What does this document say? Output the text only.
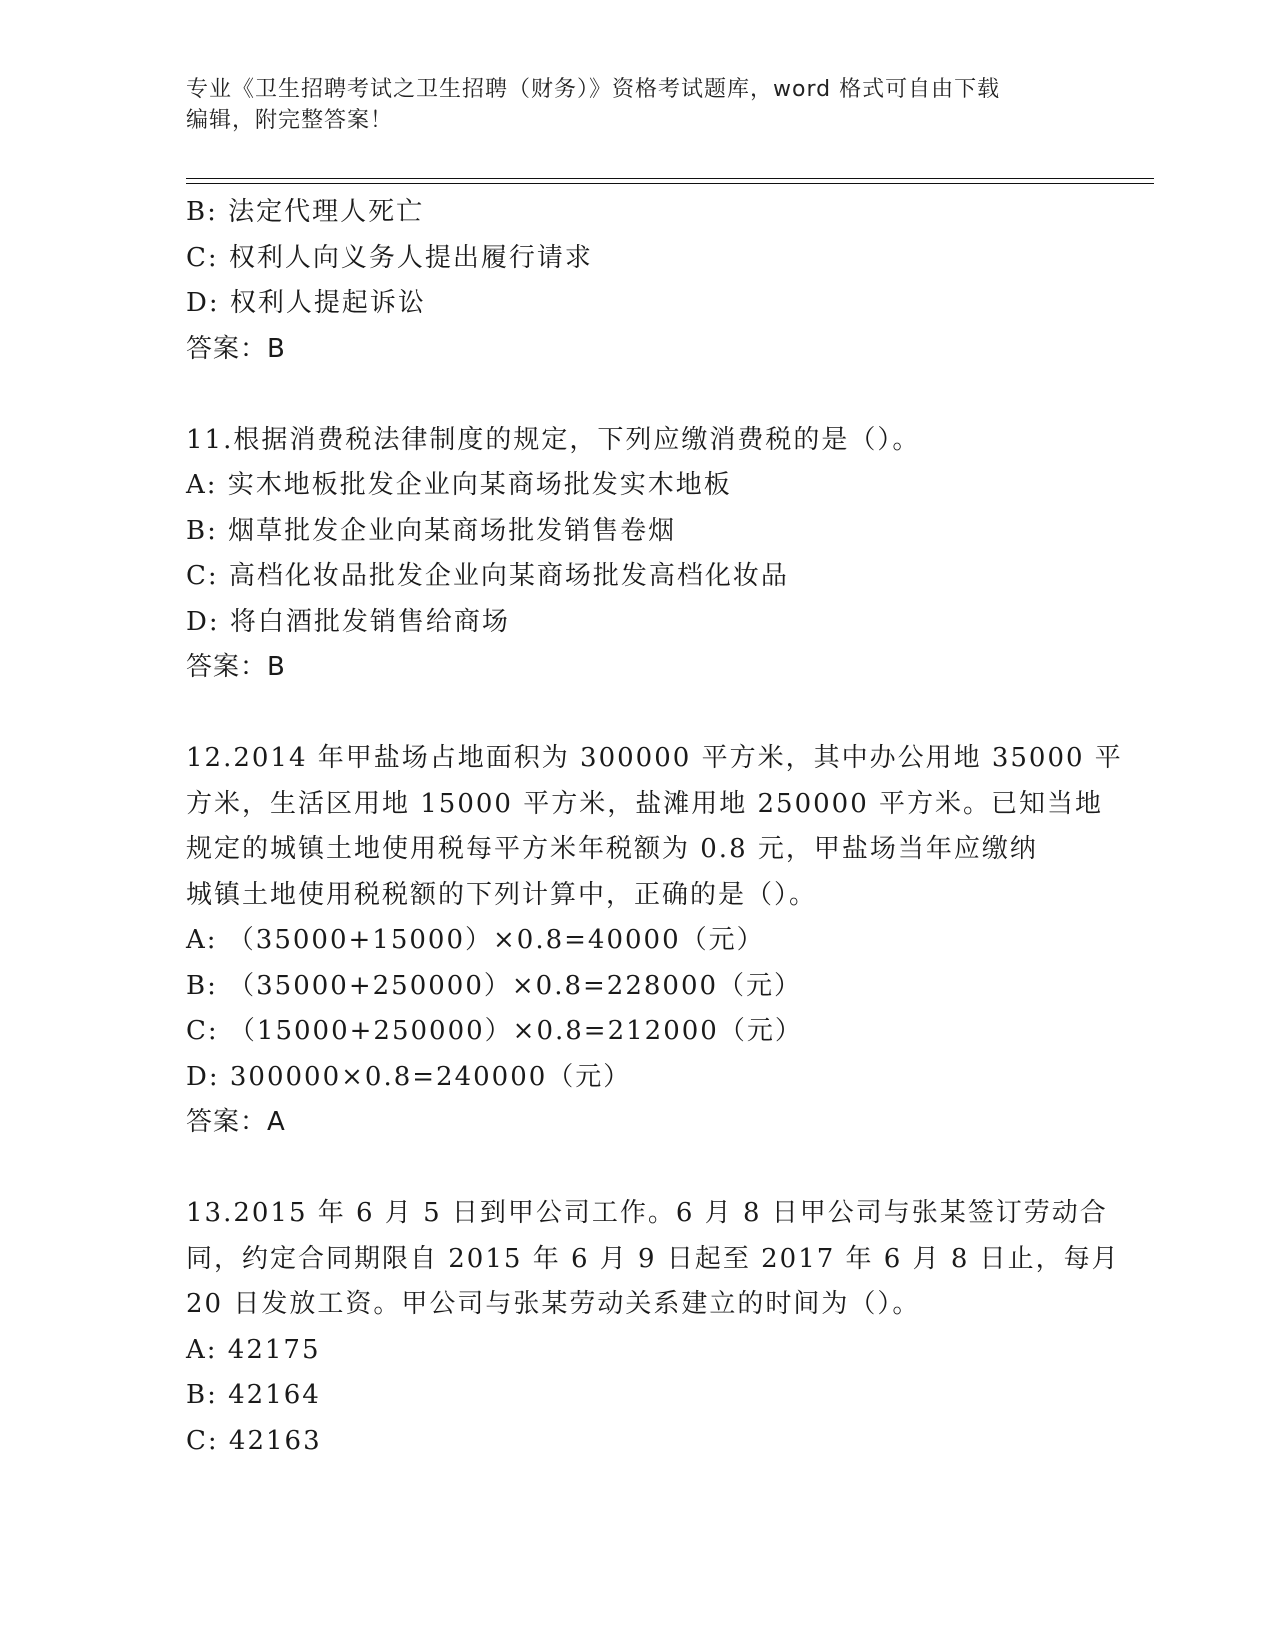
专业《卫生招聘考试之卫生招聘（财务）》资格考试题库，word 格式可自由下载
编辑，附完整答案！
B: 法定代理人死亡
C: 权利人向义务人提出履行请求
D: 权利人提起诉讼
答案：B
11.根据消费税法律制度的规定，下列应缴消费税的是（）。
A: 实木地板批发企业向某商场批发实木地板
B: 烟草批发企业向某商场批发销售卷烟
C: 高档化妆品批发企业向某商场批发高档化妆品
D: 将白酒批发销售给商场
答案：B
12.2014 年甲盐场占地面积为 300000 平方米，其中办公用地 35000 平
方米，生活区用地 15000 平方米，盐滩用地 250000 平方米。已知当地
规定的城镇土地使用税每平方米年税额为 0.8 元，甲盐场当年应缴纳
城镇土地使用税税额的下列计算中，正确的是（）。
A: （35000+15000）×0.8=40000（元）
B: （35000+250000）×0.8=228000（元）
C: （15000+250000）×0.8=212000（元）
D: 300000×0.8=240000（元）
答案：A
13.2015 年 6 月 5 日到甲公司工作。6 月 8 日甲公司与张某签订劳动合
同，约定合同期限自 2015 年 6 月 9 日起至 2017 年 6 月 8 日止，每月
20 日发放工资。甲公司与张某劳动关系建立的时间为（）。
A: 42175
B: 42164
C: 42163
